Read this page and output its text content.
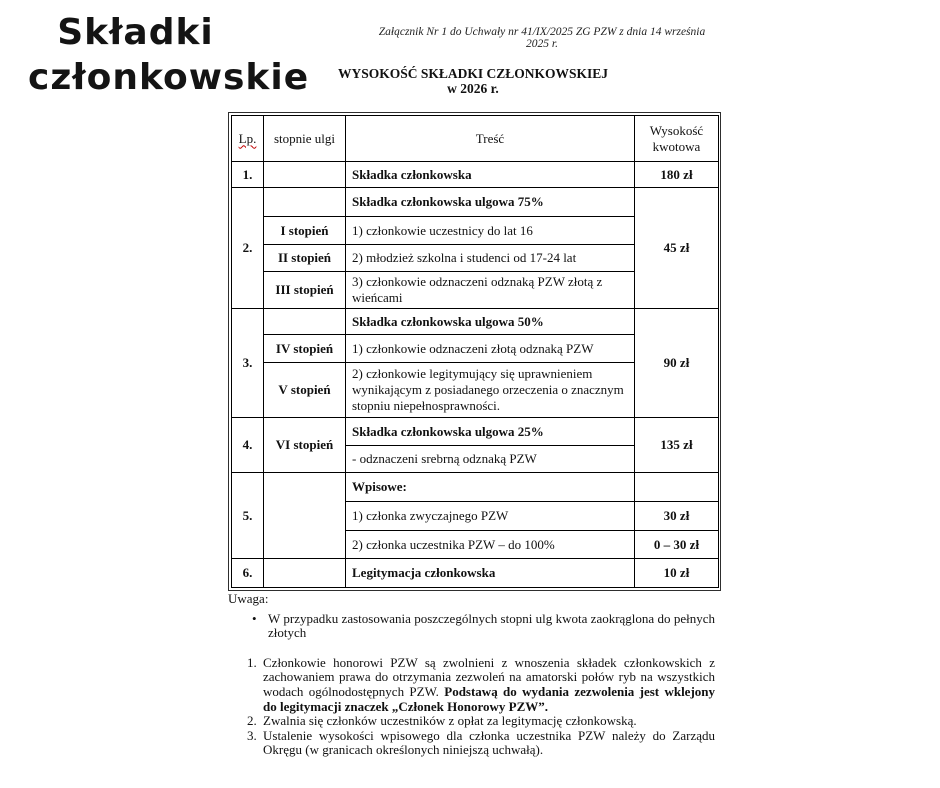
Składki
członkowskie
Załącznik Nr 1 do Uchwały nr 41/IX/2025 ZG PZW z dnia 14 września 2025 r.
WYSOKOŚĆ SKŁADKI CZŁONKOWSKIEJ
w 2026 r.
Lp.	stopnie ulgi	Treść	Wysokość kwotowa
1.		Składka członkowska	180 zł
2.		Składka członkowska ulgowa 75%	45 zł
	I stopień	1) członkowie uczestnicy do lat 16	
	II stopień	2) młodzież szkolna i studenci od 17-24 lat	
	III stopień	3) członkowie odznaczeni odznaką PZW złotą z wieńcami	
3.		Składka członkowska ulgowa 50%	90 zł
	IV stopień	1) członkowie odznaczeni złotą odznaką PZW	
	V stopień	2) członkowie legitymujący się uprawnieniem wynikającym z posiadanego orzeczenia o znacznym stopniu niepełnosprawności.	
4.	VI stopień	Składka członkowska ulgowa 25%	135 zł
		- odznaczeni srebrną odznaką PZW	
5.		Wpisowe:	
		1) członka zwyczajnego PZW	30 zł
		2) członka uczestnika PZW – do 100%	0 – 30 zł
6.		Legitymacja członkowska	10 zł
Uwaga:
• W przypadku zastosowania poszczególnych stopni ulg kwota zaokrąglona do pełnych złotych
1. Członkowie honorowi PZW są zwolnieni z wnoszenia składek członkowskich z zachowaniem prawa do otrzymania zezwoleń na amatorski połów ryb na wszystkich wodach ogólnodostępnych PZW. Podstawą do wydania zezwolenia jest wklejony do legitymacji znaczek „Członek Honorowy PZW”.
2. Zwalnia się członków uczestników z opłat za legitymację członkowską.
3. Ustalenie wysokości wpisowego dla członka uczestnika PZW należy do Zarządu Okręgu (w granicach określonych niniejszą uchwałą).
